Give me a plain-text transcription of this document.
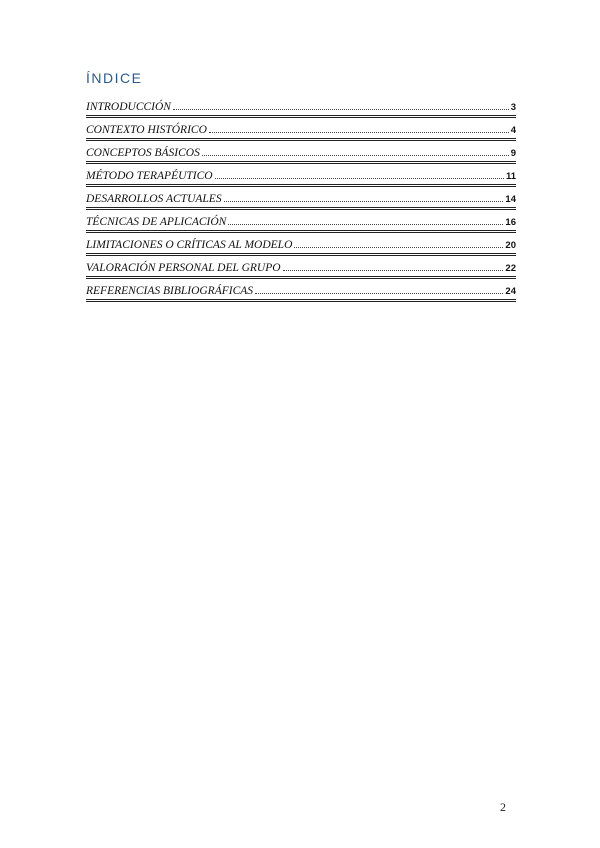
ÍNDICE
INTRODUCCIÓN	3
CONTEXTO HISTÓRICO	4
CONCEPTOS BÁSICOS	9
MÉTODO TERAPÉUTICO	11
DESARROLLOS ACTUALES	14
TÉCNICAS DE APLICACIÓN	16
LIMITACIONES O CRÍTICAS AL MODELO	20
VALORACIÓN PERSONAL DEL GRUPO	22
REFERENCIAS BIBLIOGRÁFICAS	24
2
